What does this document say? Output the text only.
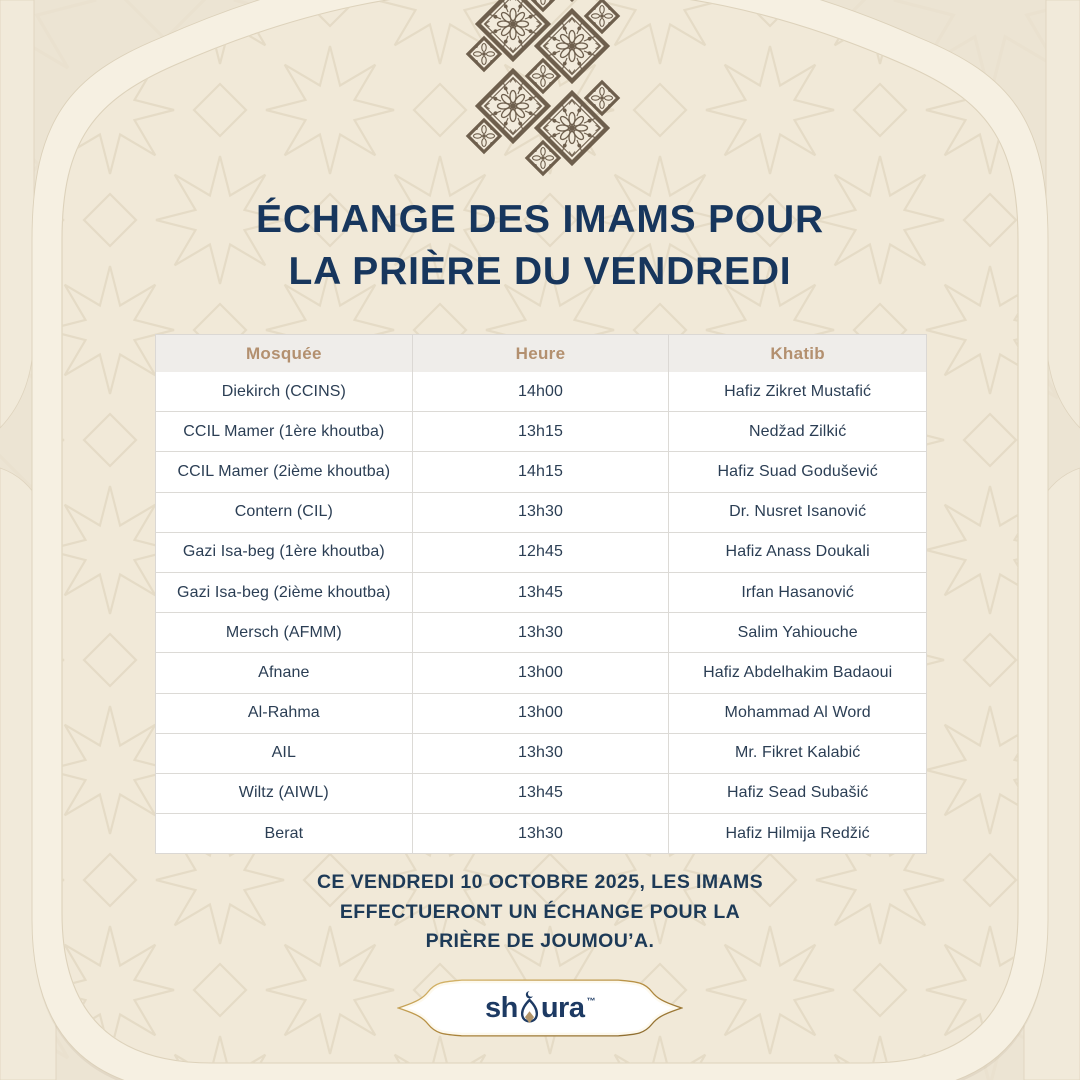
ÉCHANGE DES IMAMS POUR
LA PRIÈRE DU VENDREDI
Mosquée	Heure	Khatib
Diekirch (CCINS)	14h00	Hafiz Zikret Mustafić
CCIL Mamer (1ère khoutba)	13h15	Nedžad Zilkić
CCIL Mamer (2ième khoutba)	14h15	Hafiz Suad Godušević
Contern (CIL)	13h30	Dr. Nusret Isanović
Gazi Isa-beg (1ère khoutba)	12h45	Hafiz Anass Doukali
Gazi Isa-beg (2ième khoutba)	13h45	Irfan Hasanović
Mersch (AFMM)	13h30	Salim Yahiouche
Afnane	13h00	Hafiz Abdelhakim Badaoui
Al-Rahma	13h00	Mohammad Al Word
AIL	13h30	Mr. Fikret Kalabić
Wiltz (AIWL)	13h45	Hafiz Sead Subašić
Berat	13h30	Hafiz Hilmija Redžić
CE VENDREDI 10 OCTOBRE 2025, LES IMAMS
EFFECTUERONT UN ÉCHANGE POUR LA
PRIÈRE DE JOUMOU’A.
sh ura™
